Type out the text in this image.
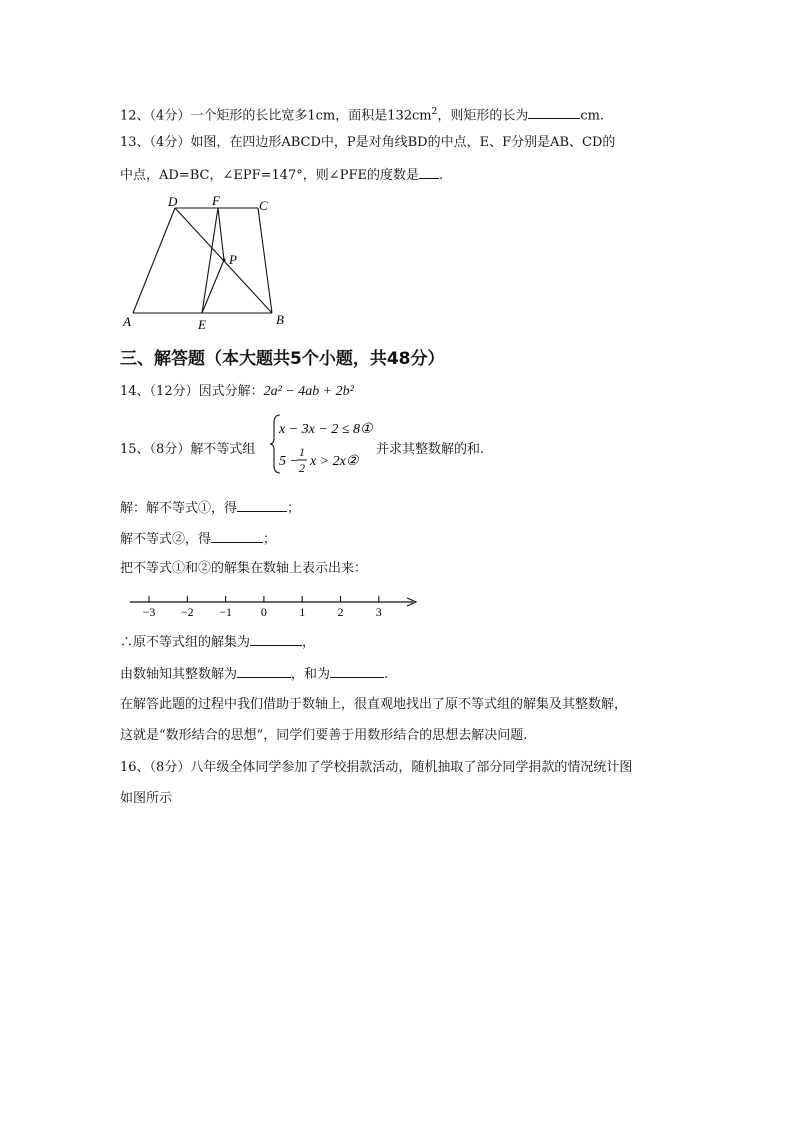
12、（4分）一个矩形的长比宽多1cm，面积是$132cm^2$，则矩形的长为	cm.
13、（4分）如图，在四边形ABCD中，P是对角线BD的中点，E、F分别是AB、CD的
中点，AD=BC，∠EPF=147°，则∠PFE的度数是 .
A	B
C
D
E
F
P
三、解答题（本大题共5个小题，共48分）
14、（12分）因式分解：2a² − 4ab + 2b²
15、（8分）解不等式组
x − 3x − 2 ≤ 8①
5 −
1
2 x > 2x②
并求其整数解的和.
解：解不等式①，得	；
解不等式②，得	；
把不等式①和②的解集在数轴上表示出来：
−3 −2 −1 0	1	2	3
∴原不等式组的解集为	，
由数轴知其整数解为	，和为	.
在解答此题的过程中我们借助于数轴上，很直观地找出了原不等式组的解集及其整数解，
这就是“数形结合的思想”，同学们要善于用数形结合的思想去解决问题.
16、（8分）八年级全体同学参加了学校捐款活动，随机抽取了部分同学捐款的情况统计图
如图所示
